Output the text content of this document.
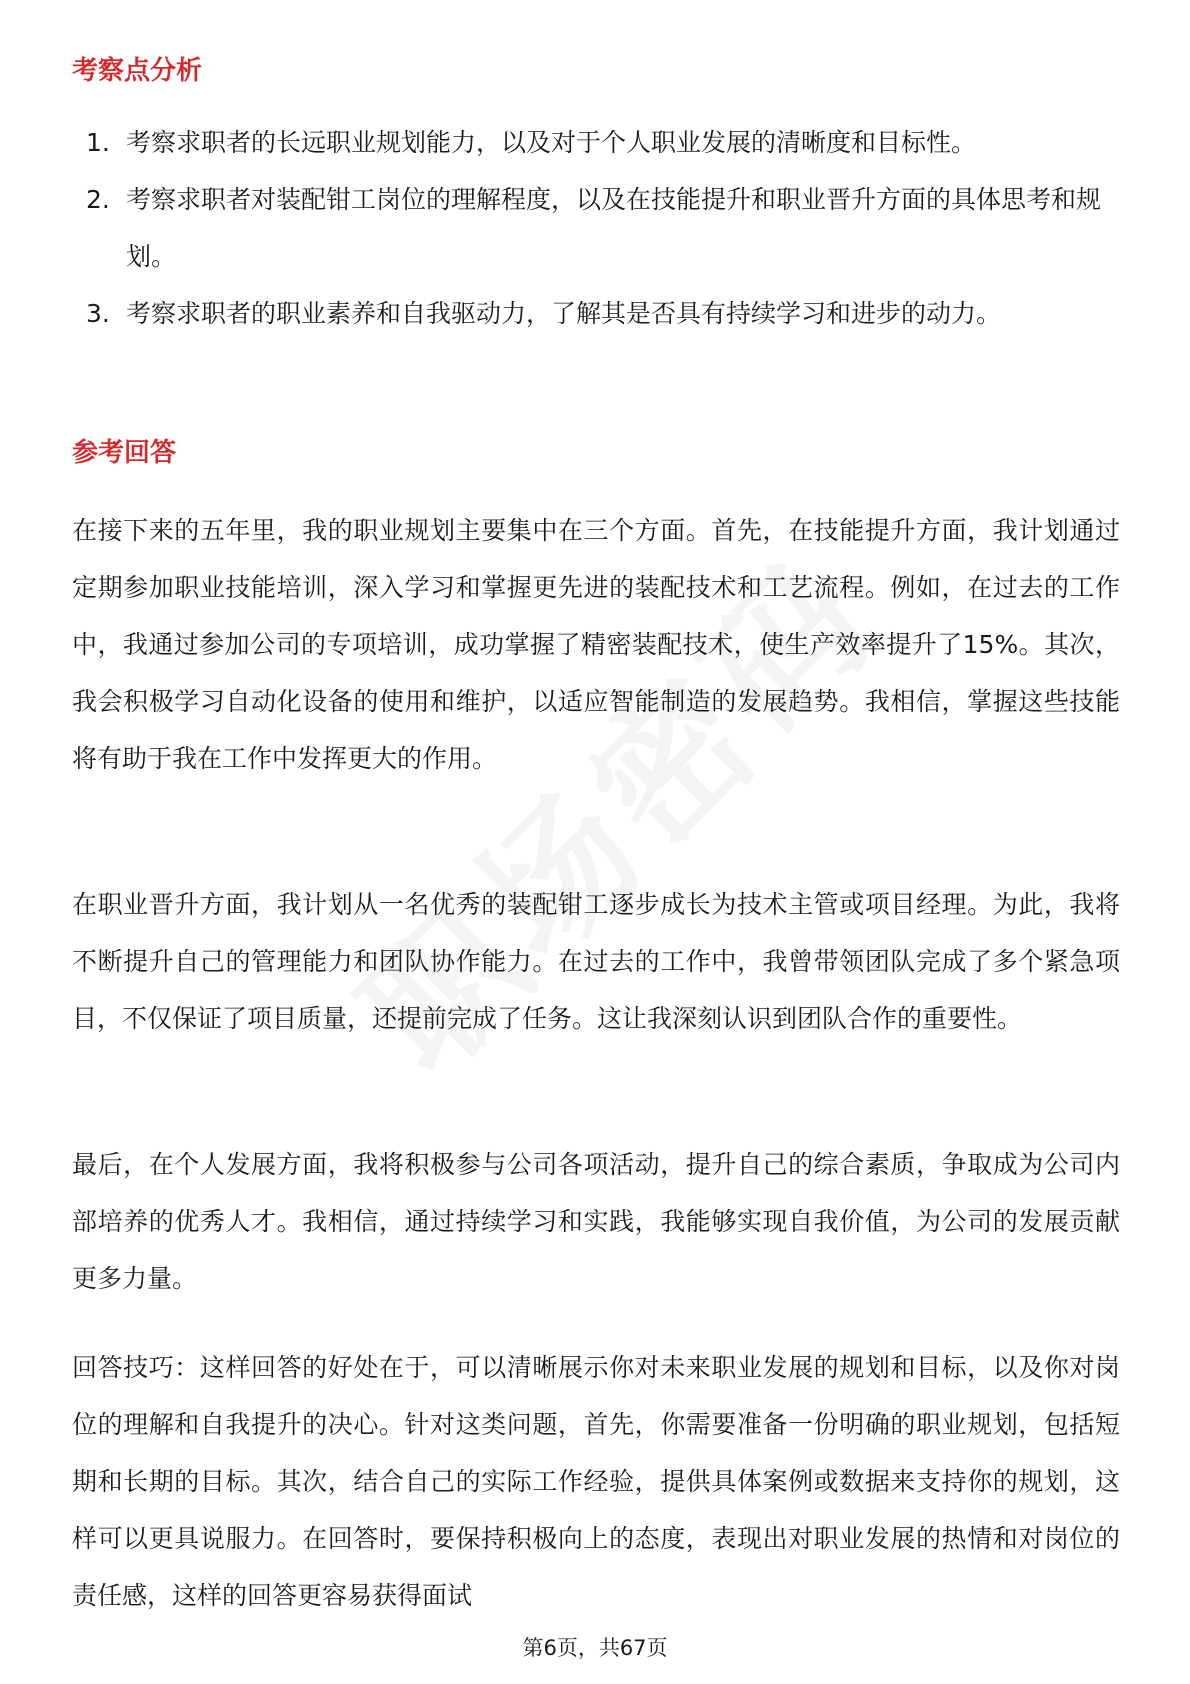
考察点分析
1. 考察求职者的长远职业规划能力，以及对于个人职业发展的清晰度和目标性。
2. 考察求职者对装配钳工岗位的理解程度，以及在技能提升和职业晋升方面的具体思考和规划。
3. 考察求职者的职业素养和自我驱动力，了解其是否具有持续学习和进步的动力。
参考回答

在接下来的五年里，我的职业规划主要集中在三个方面。首先，在技能提升方面，我计划通过定期参加职业技能培训，深入学习和掌握更先进的装配技术和工艺流程。例如，在过去的工作中，我通过参加公司的专项培训，成功掌握了精密装配技术，使生产效率提升了15%。其次，我会积极学习自动化设备的使用和维护，以适应智能制造的发展趋势。我相信，掌握这些技能将有助于我在工作中发挥更大的作用。

在职业晋升方面，我计划从一名优秀的装配钳工逐步成长为技术主管或项目经理。为此，我将不断提升自己的管理能力和团队协作能力。在过去的工作中，我曾带领团队完成了多个紧急项目，不仅保证了项目质量，还提前完成了任务。这让我深刻认识到团队合作的重要性。

最后，在个人发展方面，我将积极参与公司各项活动，提升自己的综合素质，争取成为公司内部培养的优秀人才。我相信，通过持续学习和实践，我能够实现自我价值，为公司的发展贡献更多力量。

回答技巧：这样回答的好处在于，可以清晰展示你对未来职业发展的规划和目标，以及你对岗位的理解和自我提升的决心。针对这类问题，首先，你需要准备一份明确的职业规划，包括短期和长期的目标。其次，结合自己的实际工作经验，提供具体案例或数据来支持你的规划，这样可以更具说服力。在回答时，要保持积极向上的态度，表现出对职业发展的热情和对岗位的责任感，这样的回答更容易获得面试

第6页，共67页
